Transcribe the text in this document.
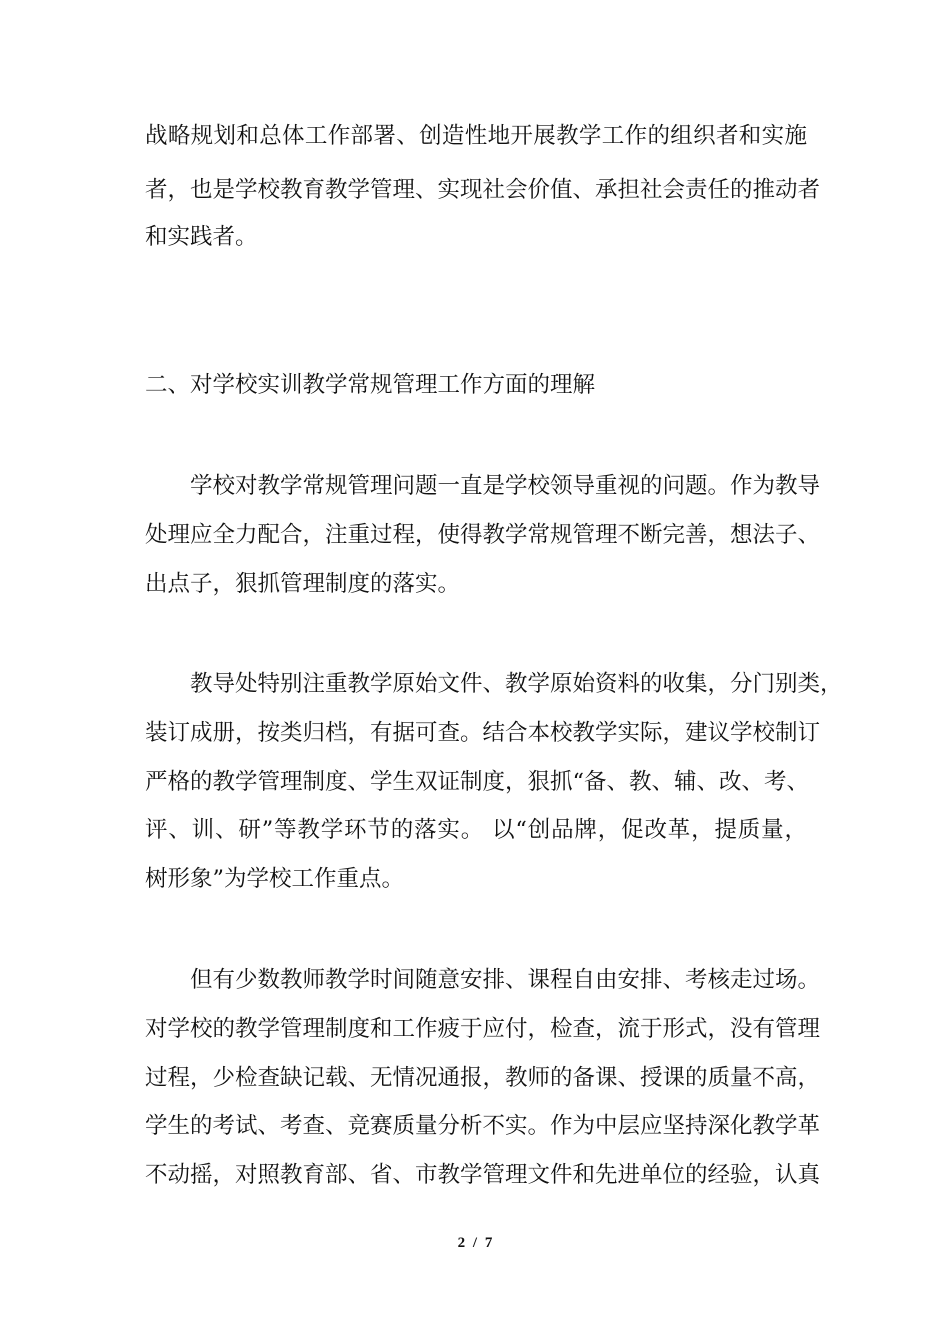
战略规划和总体工作部署、创造性地开展教学工作的组织者和实施
者，也是学校教育教学管理、实现社会价值、承担社会责任的推动者
和实践者。
二、对学校实训教学常规管理工作方面的理解
学校对教学常规管理问题一直是学校领导重视的问题。作为教导
处理应全力配合，注重过程，使得教学常规管理不断完善，想法子、
出点子，狠抓管理制度的落实。
教导处特别注重教学原始文件、教学原始资料的收集，分门别类，
装订成册，按类归档，有据可查。结合本校教学实际，建议学校制订
严格的教学管理制度、学生双证制度，狠抓“备、教、辅、改、考、
评、训、研”等教学环节的落实。 以“创品牌，促改革，提质量，
树形象”为学校工作重点。
但有少数教师教学时间随意安排、课程自由安排、考核走过场。
对学校的教学管理制度和工作疲于应付，检查，流于形式，没有管理
过程，少检查缺记载、无情况通报，教师的备课、授课的质量不高，
学生的考试、考查、竞赛质量分析不实。作为中层应坚持深化教学革
不动摇，对照教育部、省、市教学管理文件和先进单位的经验，认真
2 / 7
